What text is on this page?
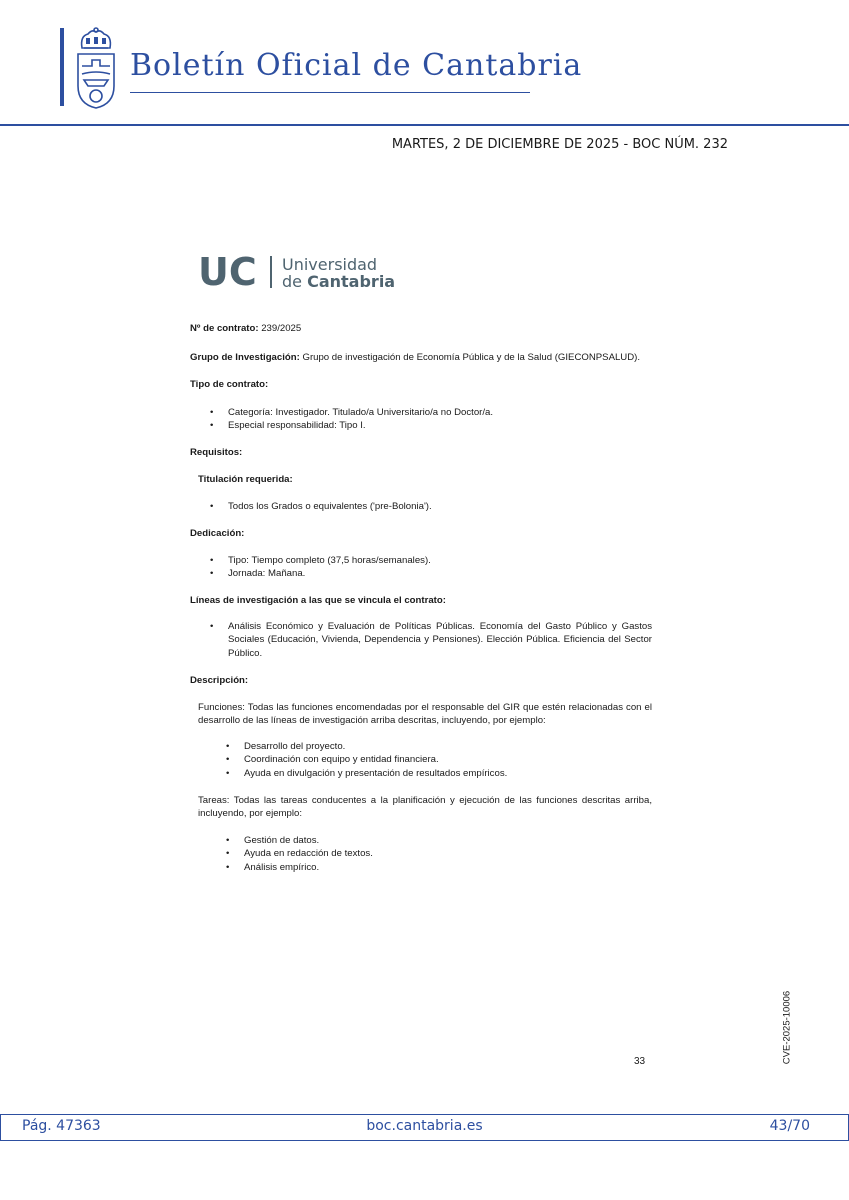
Boletín Oficial de Cantabria
MARTES, 2 DE DICIEMBRE DE 2025 - BOC NÚM. 232
UC Universidad
de Cantabria

Nº de contrato: 239/2025

Grupo de Investigación: Grupo de investigación de Economía Pública y de la Salud (GIECONPSALUD).

Tipo de contrato:

• Categoría: Investigador. Titulado/a Universitario/a no Doctor/a.
• Especial responsabilidad: Tipo I.

Requisitos:

Titulación requerida:

• Todos los Grados o equivalentes ('pre-Bolonia').

Dedicación:

• Tipo: Tiempo completo (37,5 horas/semanales).
• Jornada: Mañana.

Líneas de investigación a las que se vincula el contrato:

• Análisis Económico y Evaluación de Políticas Públicas. Economía del Gasto Público y Gastos Sociales (Educación, Vivienda, Dependencia y Pensiones). Elección Pública. Eficiencia del Sector Público.

Descripción:

Funciones: Todas las funciones encomendadas por el responsable del GIR que estén relacionadas con el desarrollo de las líneas de investigación arriba descritas, incluyendo, por ejemplo:

• Desarrollo del proyecto.
• Coordinación con equipo y entidad financiera.
• Ayuda en divulgación y presentación de resultados empíricos.

Tareas: Todas las tareas conducentes a la planificación y ejecución de las funciones descritas arriba, incluyendo, por ejemplo:

• Gestión de datos.
• Ayuda en redacción de textos.
• Análisis empírico.
33	CVE-2025-10006
Pág. 47363	boc.cantabria.es	43/70
